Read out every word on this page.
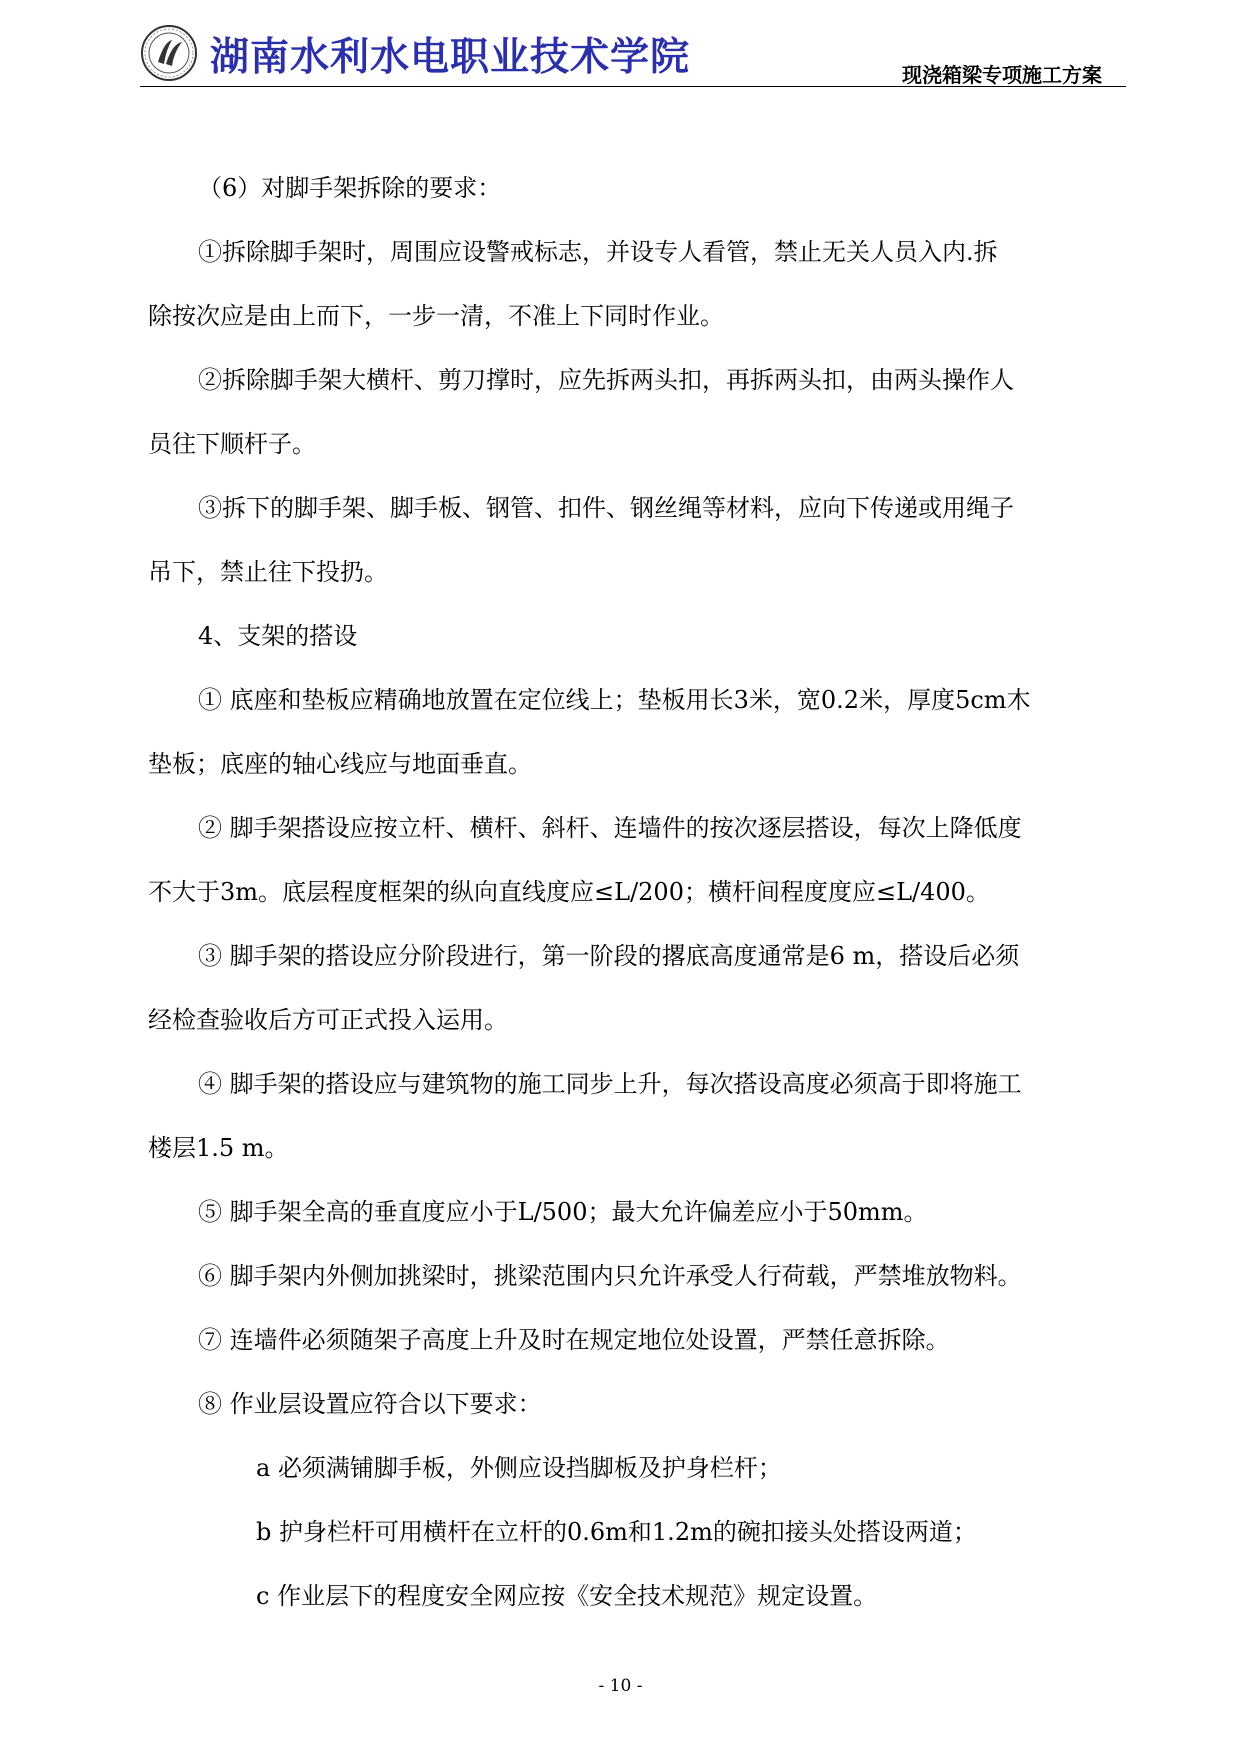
湖南水利水电职业技术学院	现浇箱梁专项施工方案

（6）对脚手架拆除的要求：

①拆除脚手架时，周围应设警戒标志，并设专人看管，禁止无关人员入内.拆

除按次应是由上而下，一步一清，不准上下同时作业。

②拆除脚手架大横杆、剪刀撑时，应先拆两头扣，再拆两头扣，由两头操作人

员往下顺杆子。

③拆下的脚手架、脚手板、钢管、扣件、钢丝绳等材料，应向下传递或用绳子

吊下，禁止往下投扔。

4、支架的搭设

① 底座和垫板应精确地放置在定位线上；垫板用长3米，宽0.2米，厚度5cm木

垫板；底座的轴心线应与地面垂直。

② 脚手架搭设应按立杆、横杆、斜杆、连墙件的按次逐层搭设，每次上降低度

不大于3m。底层程度框架的纵向直线度应≤L/200；横杆间程度度应≤L/400。

③ 脚手架的搭设应分阶段进行，第一阶段的撂底高度通常是6 m，搭设后必须

经检查验收后方可正式投入运用。

④ 脚手架的搭设应与建筑物的施工同步上升，每次搭设高度必须高于即将施工

楼层1.5 m。

⑤ 脚手架全高的垂直度应小于L/500；最大允许偏差应小于50mm。

⑥ 脚手架内外侧加挑梁时，挑梁范围内只允许承受人行荷载，严禁堆放物料。

⑦ 连墙件必须随架子高度上升及时在规定地位处设置，严禁任意拆除。

⑧ 作业层设置应符合以下要求：

a 必须满铺脚手板，外侧应设挡脚板及护身栏杆；

b 护身栏杆可用横杆在立杆的0.6m和1.2m的碗扣接头处搭设两道；

c 作业层下的程度安全网应按《安全技术规范》规定设置。

- 10 -
